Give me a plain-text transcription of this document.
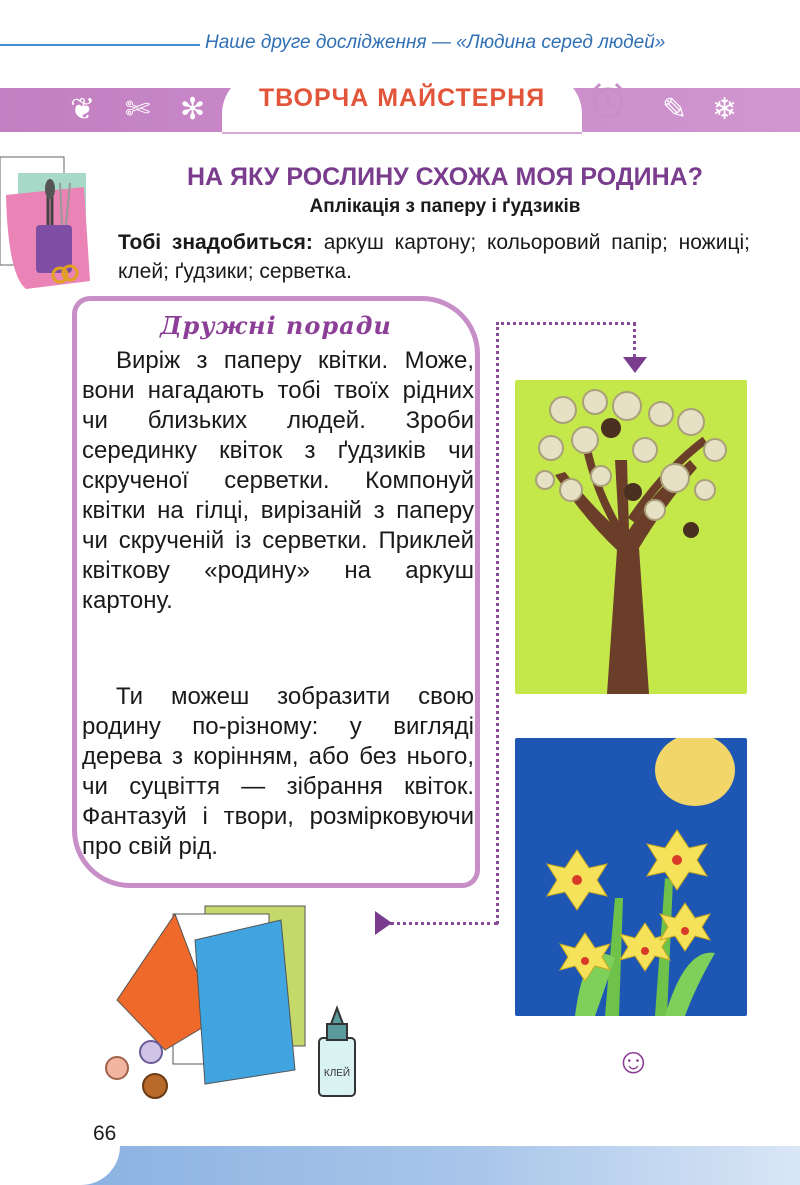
Наше друге дослідження — «Людина серед людей»
❦ ✄ ✻	✎ ❄
ТВОРЧА МАЙСТЕРНЯ
НА ЯКУ РОСЛИНУ СХОЖА МОЯ РОДИНА?
Аплікація з паперу і ґудзиків
Тобі знадобиться: аркуш картону; кольоровий папір; ножиці; клей; ґудзики; серветка.
Дружні поради
Виріж з паперу квітки. Може, вони нагадають тобі твоїх рідних чи близьких людей. Зроби серединку квіток з ґудзиків чи скрученої серветки. Компонуй квітки на гілці, вирізаній з паперу чи скрученій із серветки. Приклей квіткову «родину» на аркуш картону.
Ти можеш зобразити свою родину по-різному: у вигляді дерева з корінням, або без нього, чи суцвіття — зібрання квіток. Фантазуй і твори, розмірковуючи про свій рід.
КЛЕЙ	☺
66
